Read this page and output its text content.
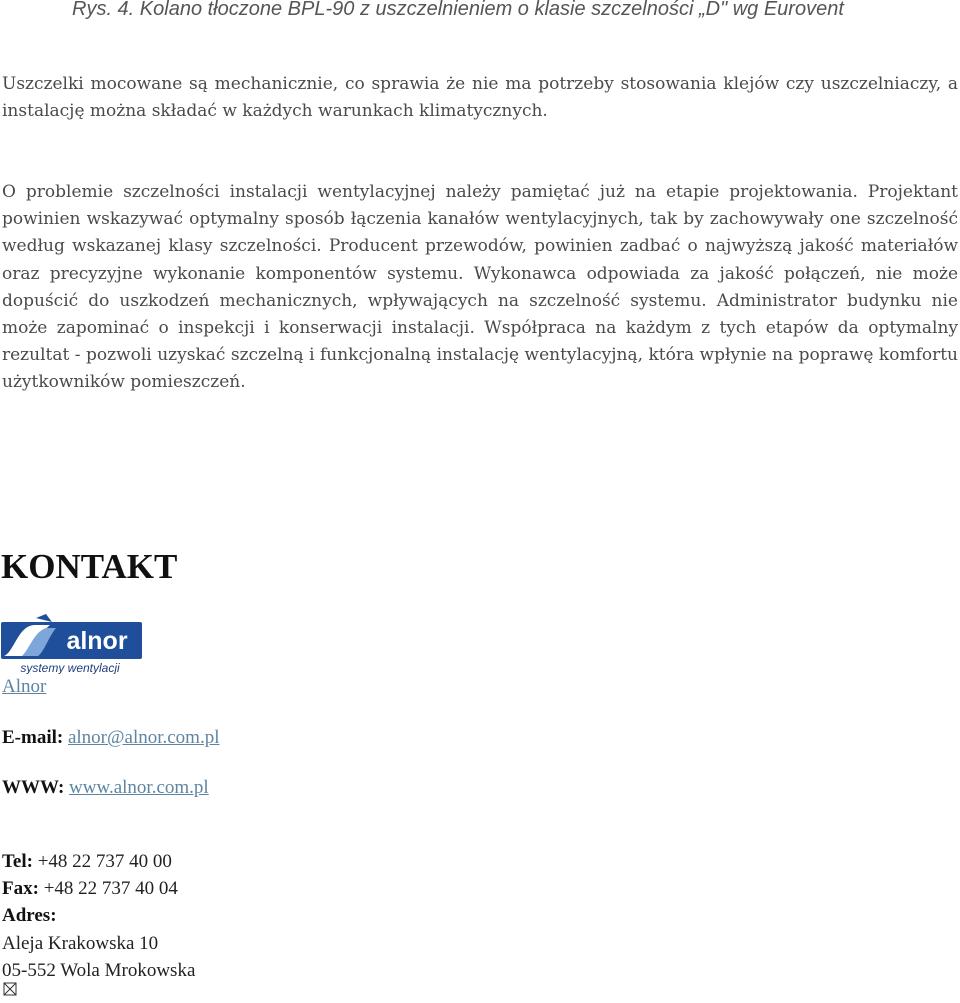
Rys. 4. Kolano tłoczone BPL-90 z uszczelnieniem o klasie szczelności „D" wg Eurovent
Uszczelki mocowane są mechanicznie, co sprawia że nie ma potrzeby stosowania klejów czy uszczelniaczy, a instalację można składać w każdych warunkach klimatycznych.
O problemie szczelności instalacji wentylacyjnej należy pamiętać już na etapie projektowania. Projektant powinien wskazywać optymalny sposób łączenia kanałów wentylacyjnych, tak by zachowywały one szczelność według wskazanej klasy szczelności. Producent przewodów, powinien zadbać o najwyższą jakość materiałów oraz precyzyjne wykonanie komponentów systemu. Wykonawca odpowiada za jakość połączeń, nie może dopuścić do uszkodzeń mechanicznych, wpływających na szczelność systemu. Administrator budynku nie może zapominać o inspekcji i konserwacji instalacji. Współpraca na każdym z tych etapów da optymalny rezultat - pozwoli uzyskać szczelną i funkcjonalną instalację wentylacyjną, która wpłynie na poprawę komfortu użytkowników pomieszczeń.
KONTAKT
alnor
systemy wentylacji
Alnor
E-mail: alnor@alnor.com.pl
WWW: www.alnor.com.pl
Tel: +48 22 737 40 00
Fax: +48 22 737 40 04
Adres:
Aleja Krakowska 10
05-552 Wola Mrokowska
